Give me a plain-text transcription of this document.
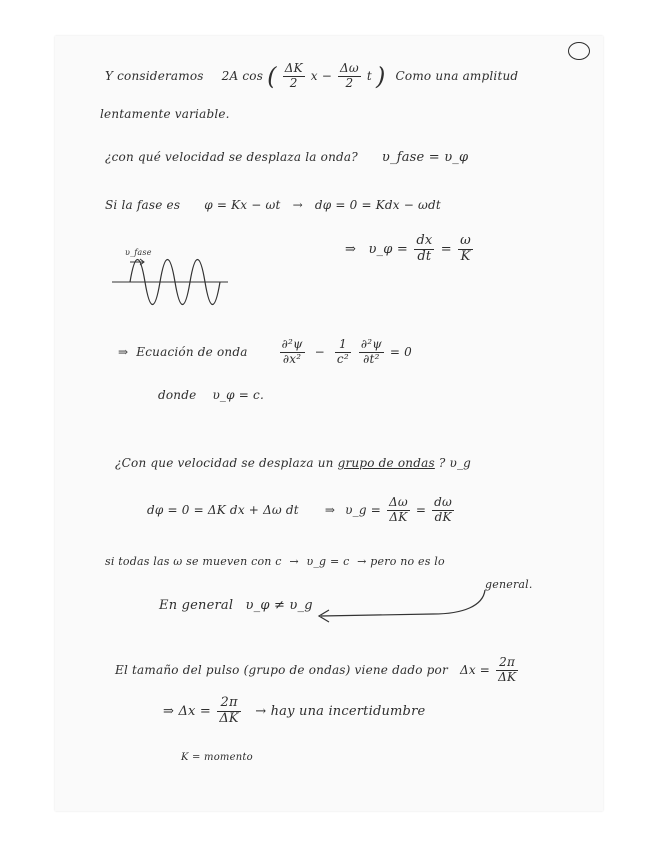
Y consideramos 2A cos ( $\frac{\Delta K}{2}$ $x - \frac{\Delta\omega}{2}$ t ) Como una amplitud
lentamente variable.
¿con qué velocidad se desplaza la onda? υ_fase = υ_φ
Si la fase es φ = Kx − ωt → dφ = 0 = Kdx − ωdt
⇒ υ_φ = $\frac{dx}{dt} = \frac{\omega}{K}$
υ_fase
⇒ Ecuación de onda	$\frac{\text{∂²ψ}}{\text{∂x²}} - \frac{1}{\text{c²}}$
$\frac{\text{∂²ψ}}{\text{∂t²}} = 0$
donde υ_φ = c.
¿Con que velocidad se desplaza un grupo de ondas ? υ_g
dφ = 0 = ΔK dx + Δω dt ⇒ υ_g = $\frac{\Delta\omega}{\Delta K} = \frac{d\omega}{dK}$
si todas las ω se mueven con c → υ_g = c → pero no es lo
general.
En general υ_φ ≠ υ_g
El tamaño del pulso (grupo de ondas) viene dado por $\Delta x = \frac{2\pi}{\Delta K}$
⇒ $\Delta x = \frac{2\pi}{\Delta K}$ → hay una incertidumbre
K = momento
